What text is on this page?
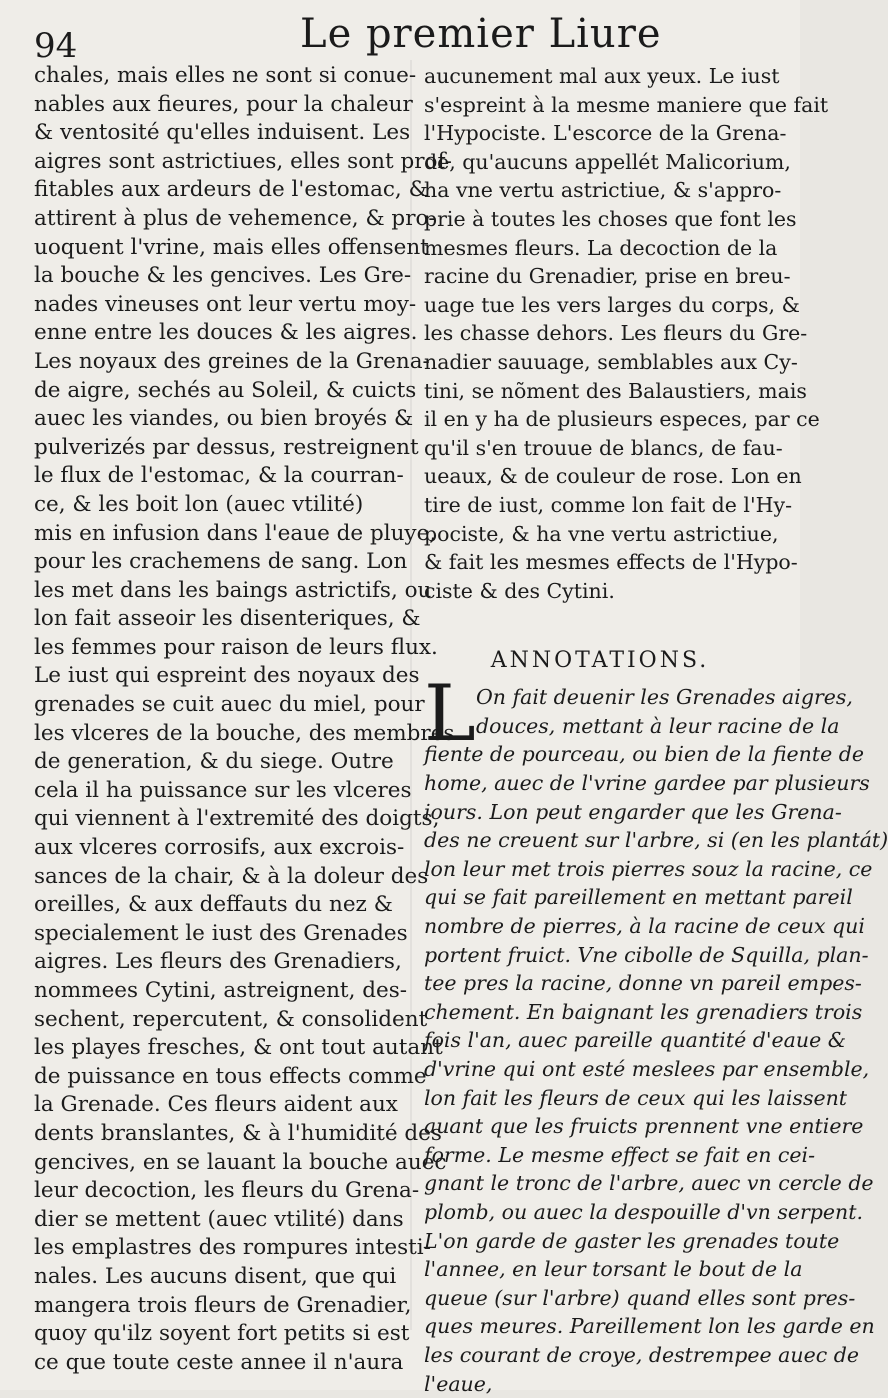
94	Le premier Liure
chales, mais elles ne sont si conue-
nables aux fieures, pour la chaleur
& ventosité qu'elles induisent. Les
aigres sont astrictiues, elles sont prof-
fitables aux ardeurs de l'estomac, &
attirent à plus de vehemence, & pro-
uoquent l'vrine, mais elles offensent
la bouche & les gencives. Les Gre-
nades vineuses ont leur vertu moy-
enne entre les douces & les aigres.
Les noyaux des greines de la Grena-
de aigre, sechés au Soleil, & cuicts
auec les viandes, ou bien broyés &
pulverizés par dessus, restreignent
le flux de l'estomac, & la courran-
ce, & les boit lon (auec vtilité)
mis en infusion dans l'eaue de pluye,
pour les crachemens de sang. Lon
les met dans les baings astrictifs, ou
lon fait asseoir les disenteriques, &
les femmes pour raison de leurs flux.
Le iust qui espreint des noyaux des
grenades se cuit auec du miel, pour
les vlceres de la bouche, des membres
de generation, & du siege. Outre
cela il ha puissance sur les vlceres
qui viennent à l'extremité des doigts,
aux vlceres corrosifs, aux excrois-
sances de la chair, & à la doleur des
oreilles, & aux deffauts du nez &
specialement le iust des Grenades
aigres. Les fleurs des Grenadiers,
nommees Cytini, astreignent, des-
sechent, repercutent, & consolident
les playes fresches, & ont tout autant
de puissance en tous effects comme
la Grenade. Ces fleurs aident aux
dents branslantes, & à l'humidité des
gencives, en se lauant la bouche auec
leur decoction, les fleurs du Grena-
dier se mettent (auec vtilité) dans
les emplastres des rompures intesti-
nales. Les aucuns disent, que qui
mangera trois fleurs de Grenadier,
quoy qu'ilz soyent fort petits si est
ce que toute ceste annee il n'aura
aucunement mal aux yeux. Le iust
s'espreint à la mesme maniere que fait
l'Hypociste. L'escorce de la Grena-
de, qu'aucuns appellét Malicorium,
ha vne vertu astrictiue, & s'appro-
prie à toutes les choses que font les
mesmes fleurs. La decoction de la
racine du Grenadier, prise en breu-
uage tue les vers larges du corps, &
les chasse dehors. Les fleurs du Gre-
nadier sauuage, semblables aux Cy-
tini, se nõment des Balaustiers, mais
il en y ha de plusieurs especes, par ce
qu'il s'en trouue de blancs, de fau-
ueaux, & de couleur de rose. Lon en
tire de iust, comme lon fait de l'Hy-
pociste, & ha vne vertu astrictiue,
& fait les mesmes effects de l'Hypo-
ciste & des Cytini.
ANNOTATIONS.
L On fait deuenir les Grenades aigres,
douces, mettant à leur racine de la
fiente de pourceau, ou bien de la fiente de
home, auec de l'vrine gardee par plusieurs
iours. Lon peut engarder que les Grena-
des ne creuent sur l'arbre, si (en les plantát)
lon leur met trois pierres souz la racine, ce
qui se fait pareillement en mettant pareil
nombre de pierres, à la racine de ceux qui
portent fruict. Vne cibolle de Squilla, plan-
tee pres la racine, donne vn pareil empes-
chement. En baignant les grenadiers trois
fois l'an, auec pareille quantité d'eaue &
d'vrine qui ont esté meslees par ensemble,
lon fait les fleurs de ceux qui les laissent
auant que les fruicts prennent vne entiere
forme. Le mesme effect se fait en cei-
gnant le tronc de l'arbre, auec vn cercle de
plomb, ou auec la despouille d'vn serpent.
L'on garde de gaster les grenades toute
l'annee, en leur torsant le bout de la
queue (sur l'arbre) quand elles sont pres-
ques meures. Pareillement lon les garde en
les courant de croye, destrempee auec de
l'eaue,
